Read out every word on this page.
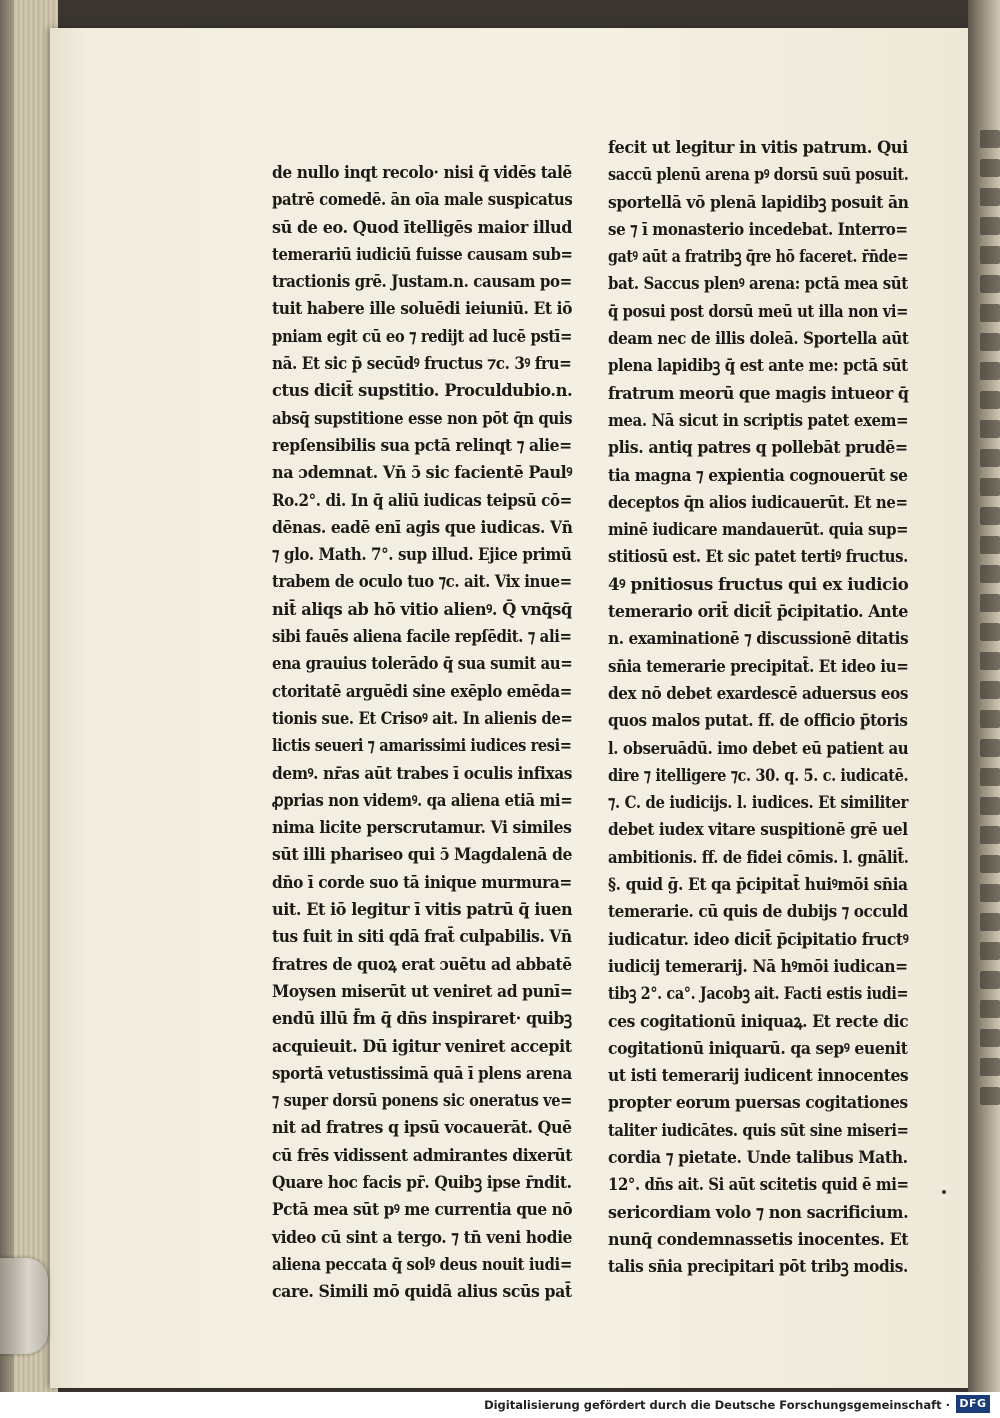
de nullo inqt recolo· nisi q̄ vidēs talē
patrē comedē. ān oīa male suspicatus
sū de eo. Quod ītelligēs maior illud
temerariū iudiciū fuisse causam sub=
tractionis grē. Justam.n. causam po=
tuit habere ille soluēdi ieiuniū. Et iō
pniam egit cū eo ⁊ redijt ad lucē pstī=
nā. Et sic p̄ secūdꝰ fructus ⁊c. 3ꝰ fru=
ctus dicit̄ supstitio. Proculdubio.n.
absq̄ supstitione esse non pōt q̄n quis
repſensibilis sua pctā relinqt ⁊ alie=
na ɔdemnat. Vn̄ ɔ̄ sic facientē Paulꝰ
Ro.2°. di. In q̄ aliū iudicas teipsū cō=
dēnas. eadē enī agis que iudicas. Vn̄
⁊ glo. Math. 7°. sup illud. Ejice primū
trabem de oculo tuo ⁊c. ait. Vix inue=
nit̄ aliqs ab hō vitio alienꝰ. Q̄ vnq̄sq̄
sibi fauēs aliena facile repſēdit. ⁊ ali=
ena grauius tolerādo q̄ sua sumit au=
ctoritatē arguēdi sine exēplo emēda=
tionis sue. Et Crisoꝰ ait. In alienis de=
lictis seueri ⁊ amarissimi iudices resi=
demꝰ. nr̄as aūt trabes ī oculis infixas
ꝓprias non videmꝰ. qa aliena etiā mi=
nima licite perscrutamur. Vi similes
sūt illi phariseo qui ɔ̄ Magdalenā de
dn̄o ī corde suo tā inique murmura=
uit. Et iō legitur ī vitis patrū q̄ iuen
tus fuit in siti qdā frat̄ culpabilis. Vn̄
fratres de quoꝝ erat ɔuētu ad abbatē
Moysen miserūt ut veniret ad punī=
endū illū f̄m q̄ dn̄s inspiraret· quibꝫ
acquieuit. Dū igitur veniret accepit
sportā vetustissimā quā ī plens arena
⁊ super dorsū ponens sic oneratus ve=
nit ad fratres q ipsū vocauerāt. Quē
cū frēs vidissent admirantes dixerūt
Quare hoc facis pr̄. Quibꝫ ipse r̄ndit.
Pctā mea sūt pꝰ me currentia que nō
video cū sint a tergo. ⁊ tn̄ veni hodie
aliena peccata q̄ solꝰ deus nouit iudi=
care. Simili mō quidā alius scūs pat̄
fecit ut legitur in vitis patrum. Qui
saccū plenū arena pꝰ dorsū suū posuit.
sportellā vō plenā lapidibꝫ posuit ān
se ⁊ ī monasterio incedebat. Interro=
gatꝰ aūt a fratribꝫ q̄re hō faceret. r̄n̄de=
bat. Saccus plenꝰ arena: pctā mea sūt
q̄ posui post dorsū meū ut illa non vi=
deam nec de illis doleā. Sportella aūt
plena lapidibꝫ q̄ est ante me: pctā sūt
fratrum meorū que magis intueor q̄
mea. Nā sicut in scriptis patet exem=
plis. antiq patres q pollebāt prudē=
tia magna ⁊ expientia cognouerūt se
deceptos q̄n alios iudicauerūt. Et ne=
minē iudicare mandauerūt. quia sup=
stitiosū est. Et sic patet tertiꝰ fructus.
4ꝰ pnitiosus fructus qui ex iudicio
temerario orit̄ dicit̄ p̄cipitatio. Ante
n. examinationē ⁊ discussionē ditatis
sn̄ia temerarie precipitat̄. Et ideo iu=
dex nō debet exardescē aduersus eos
quos malos putat. ff. de officio p̄toris
l. obseruādū. imo debet eū patient au
dire ⁊ itelligere ⁊c. 30. q. 5. c. iudicatē.
⁊. C. de iudicijs. l. iudices. Et similiter
debet iudex vitare suspitionē grē uel
ambitionis. ff. de fidei cōmis. l. gnālit̄.
§. quid ḡ. Et qa p̄cipitat̄ huiꝰmōi sn̄ia
temerarie. cū quis de dubijs ⁊ occuld
iudicatur. ideo dicit̄ p̄cipitatio fructꝰ
iudicij temerarij. Nā hꝰmōi iudican=
tibꝫ 2°. ca°. Jacobꝫ ait. Facti estis iudi=
ces cogitationū iniquaꝝ. Et recte dic
cogitationū iniquarū. qa sepꝰ euenit
ut isti temerarij iudicent innocentes
propter eorum puersas cogitationes
taliter iudicātes. quis sūt sine miseri=
cordia ⁊ pietate. Unde talibus Math.
12°. dn̄s ait. Si aūt scitetis quid ē mi=
sericordiam volo ⁊ non sacrificium.
nunq̄ condemnassetis inocentes. Et
talis sn̄ia precipitari pōt tribꝫ modis.
Digitalisierung gefördert durch die Deutsche Forschungsgemeinschaft · DFG
